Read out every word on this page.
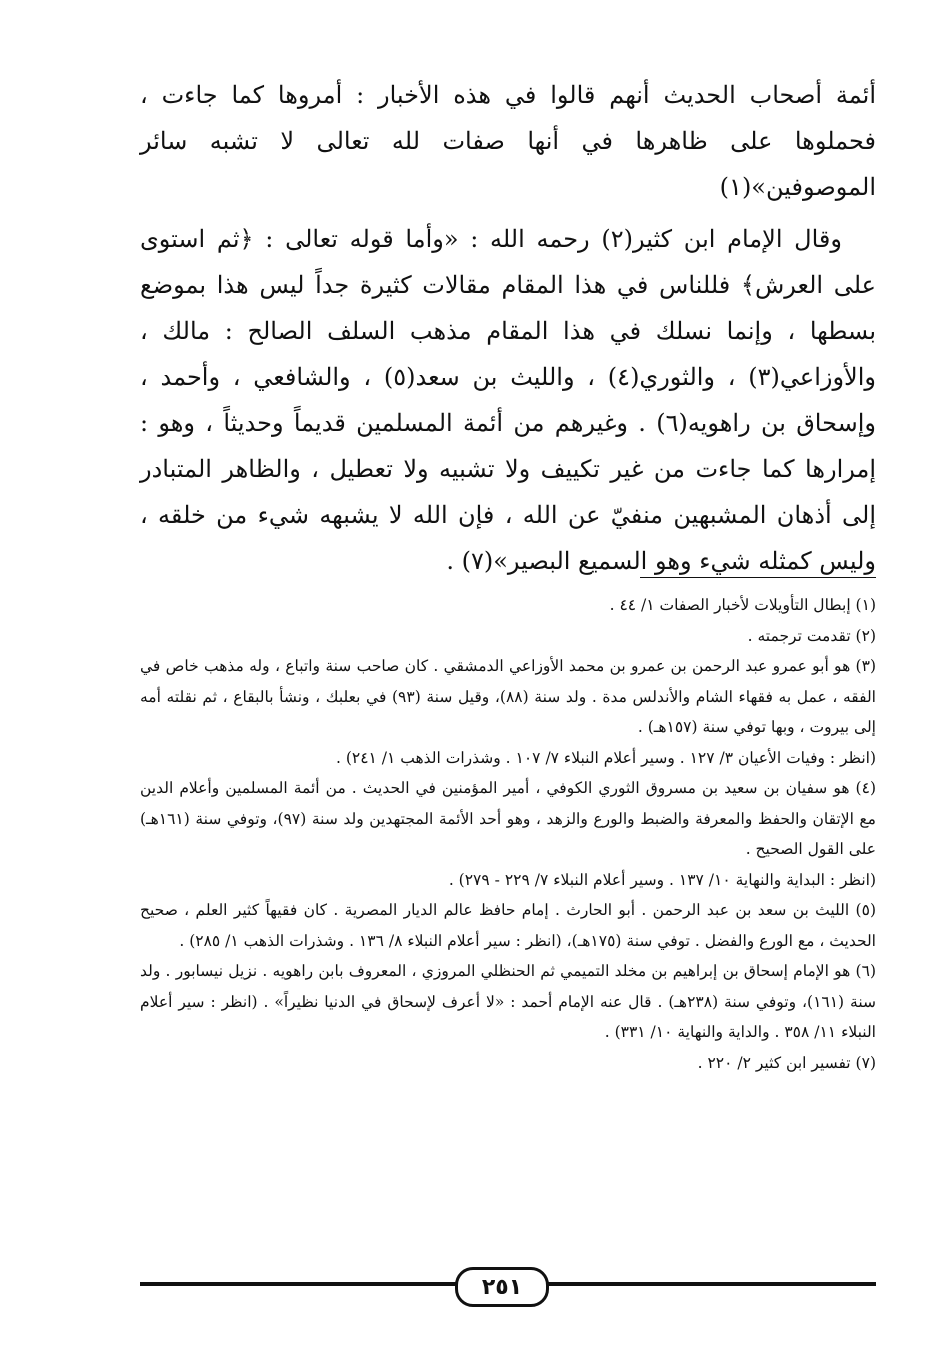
أئمة أصحاب الحديث أنهم قالوا في هذه الأخبار : أمروها كما جاءت ، فحملوها على ظاهرها في أنها صفات لله تعالى لا تشبه سائر الموصوفين»(١)

وقال الإمام ابن كثير(٢) رحمه الله : «وأما قوله تعالى : ﴿ثم استوى على العرش﴾ فللناس في هذا المقام مقالات كثيرة جداً ليس هذا بموضع بسطها ، وإنما نسلك في هذا المقام مذهب السلف الصالح : مالك ، والأوزاعي(٣) ، والثوري(٤) ، والليث بن سعد(٥) ، والشافعي ، وأحمد ، وإسحاق بن راهويه(٦) . وغيرهم من أئمة المسلمين قديماً وحديثاً ، وهو : إمرارها كما جاءت من غير تكييف ولا تشبيه ولا تعطيل ، والظاهر المتبادر إلى أذهان المشبهين منفيّ عن الله ، فإن الله لا يشبهه شيء من خلقه ، وليس كمثله شيء وهو السميع البصير»(٧) .

(١) إبطال التأويلات لأخبار الصفات ١/ ٤٤ .

(٢) تقدمت ترجمته .

(٣) هو أبو عمرو عبد الرحمن بن عمرو بن محمد الأوزاعي الدمشقي . كان صاحب سنة واتباع ، وله مذهب خاص في الفقه ، عمل به فقهاء الشام والأندلس مدة . ولد سنة (٨٨)، وقيل سنة (٩٣) في بعلبك ، ونشأ بالبقاع ، ثم نقلته أمه إلى بيروت ، وبها توفي سنة (١٥٧هـ) .

(انظر : وفيات الأعيان ٣/ ١٢٧ . وسير أعلام النبلاء ٧/ ١٠٧ . وشذرات الذهب ١/ ٢٤١) .

(٤) هو سفيان بن سعيد بن مسروق الثوري الكوفي ، أمير المؤمنين في الحديث . من أئمة المسلمين وأعلام الدين مع الإتقان والحفظ والمعرفة والضبط والورع والزهد ، وهو أحد الأئمة المجتهدين ولد سنة (٩٧)، وتوفي سنة (١٦١هـ) على القول الصحيح .

(انظر : البداية والنهاية ١٠/ ١٣٧ . وسير أعلام النبلاء ٧/ ٢٢٩ - ٢٧٩) .

(٥) الليث بن سعد بن عبد الرحمن . أبو الحارث . إمام حافظ عالم الديار المصرية . كان فقيهاً كثير العلم ، صحيح الحديث ، مع الورع والفضل . توفي سنة (١٧٥هـ)، (انظر : سير أعلام النبلاء ٨/ ١٣٦ . وشذرات الذهب ١/ ٢٨٥) .

(٦) هو الإمام إسحاق بن إبراهيم بن مخلد التميمي ثم الحنظلي المروزي ، المعروف بابن راهويه . نزيل نيسابور . ولد سنة (١٦١)، وتوفي سنة (٢٣٨هـ) . قال عنه الإمام أحمد : «لا أعرف لإسحاق في الدنيا نظيراً» . (انظر : سير أعلام النبلاء ١١/ ٣٥٨ . والداية والنهاية ١٠/ ٣٣١) .

(٧) تفسير ابن كثير ٢/ ٢٢٠ .

٢٥١
